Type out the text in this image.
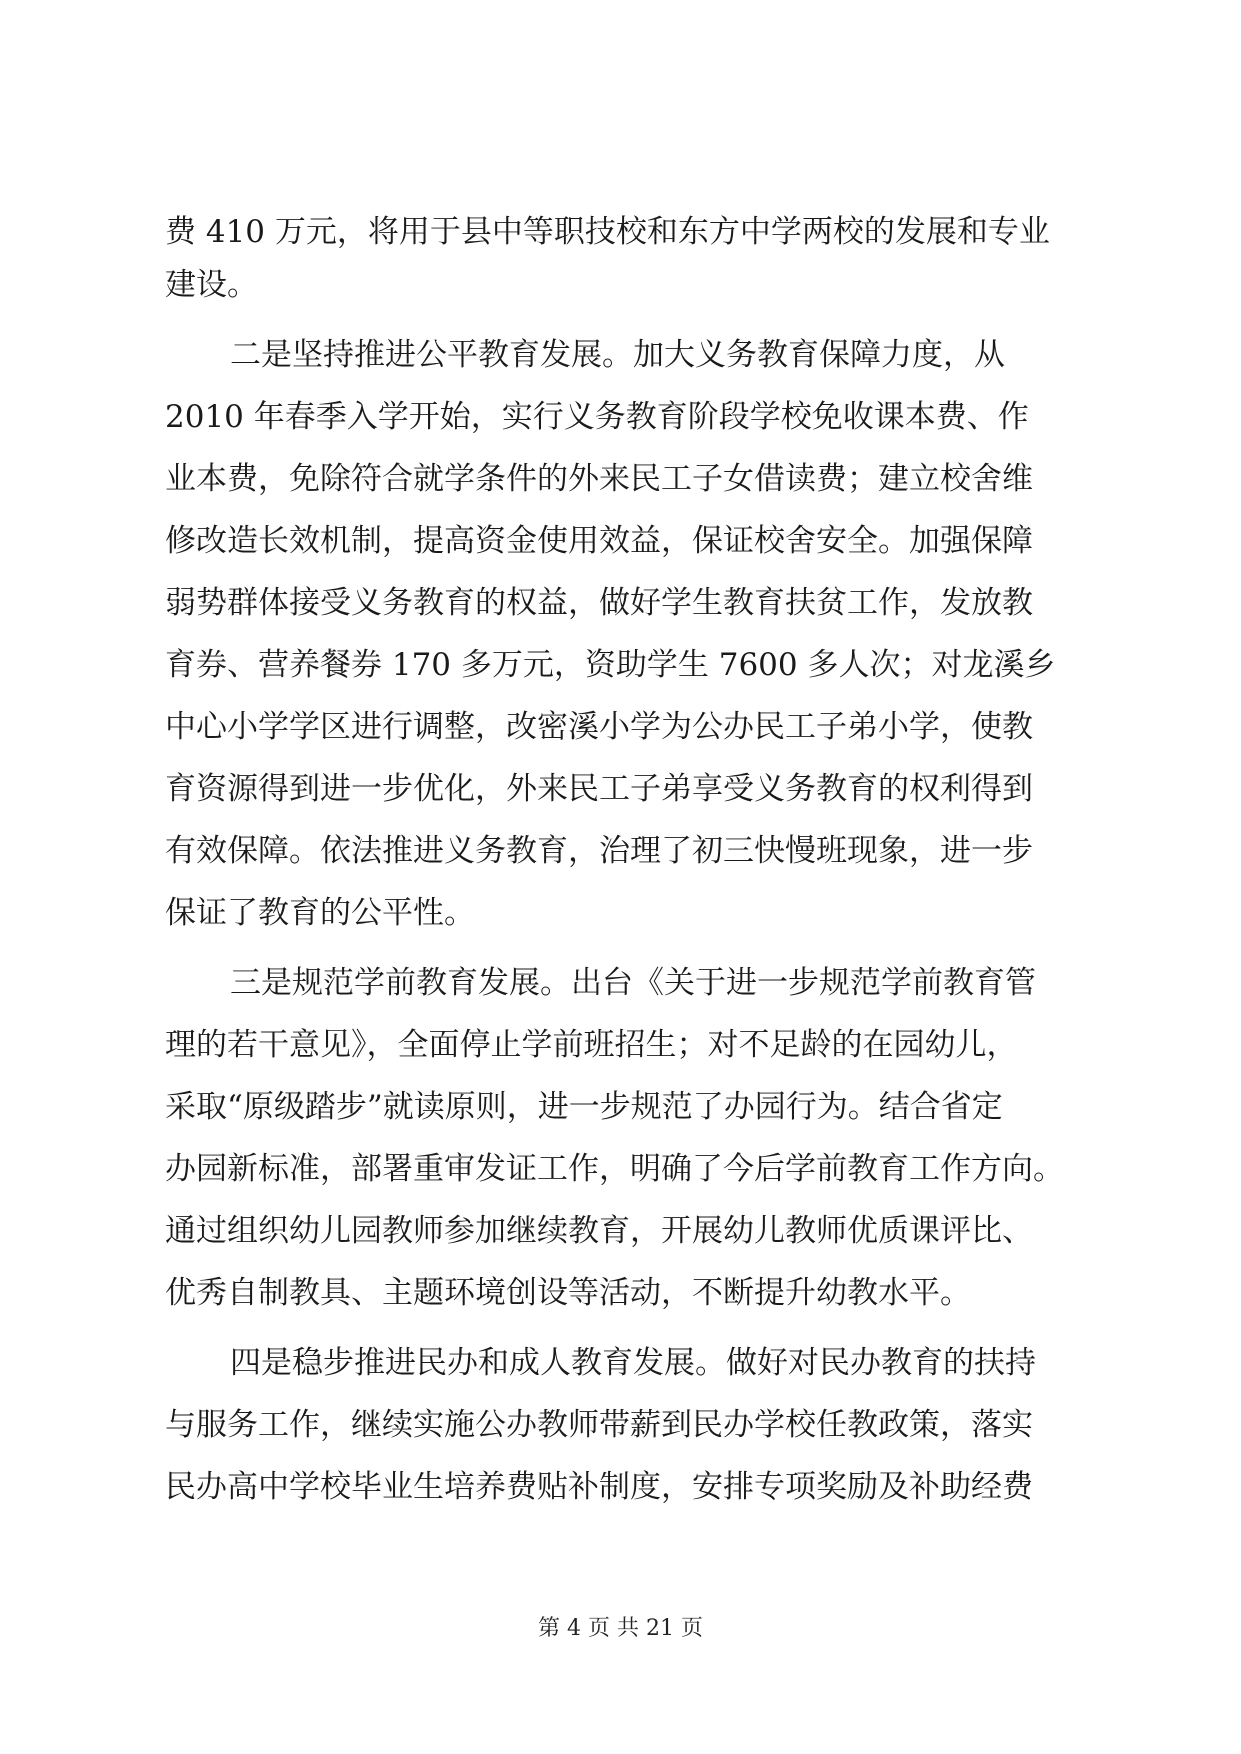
费 410 万元，将用于县中等职技校和东方中学两校的发展和专业
建设。
二是坚持推进公平教育发展。加大义务教育保障力度，从
2010 年春季入学开始，实行义务教育阶段学校免收课本费、作
业本费，免除符合就学条件的外来民工子女借读费；建立校舍维
修改造长效机制，提高资金使用效益，保证校舍安全。加强保障
弱势群体接受义务教育的权益，做好学生教育扶贫工作，发放教
育券、营养餐券 170 多万元，资助学生 7600 多人次；对龙溪乡
中心小学学区进行调整，改密溪小学为公办民工子弟小学，使教
育资源得到进一步优化，外来民工子弟享受义务教育的权利得到
有效保障。依法推进义务教育，治理了初三快慢班现象，进一步
保证了教育的公平性。
三是规范学前教育发展。出台《关于进一步规范学前教育管
理的若干意见》，全面停止学前班招生；对不足龄的在园幼儿，
采取“原级踏步”就读原则，进一步规范了办园行为。结合省定
办园新标准，部署重审发证工作，明确了今后学前教育工作方向。
通过组织幼儿园教师参加继续教育，开展幼儿教师优质课评比、
优秀自制教具、主题环境创设等活动，不断提升幼教水平。
四是稳步推进民办和成人教育发展。做好对民办教育的扶持
与服务工作，继续实施公办教师带薪到民办学校任教政策，落实
民办高中学校毕业生培养费贴补制度，安排专项奖励及补助经费
第 4 页 共 21 页
